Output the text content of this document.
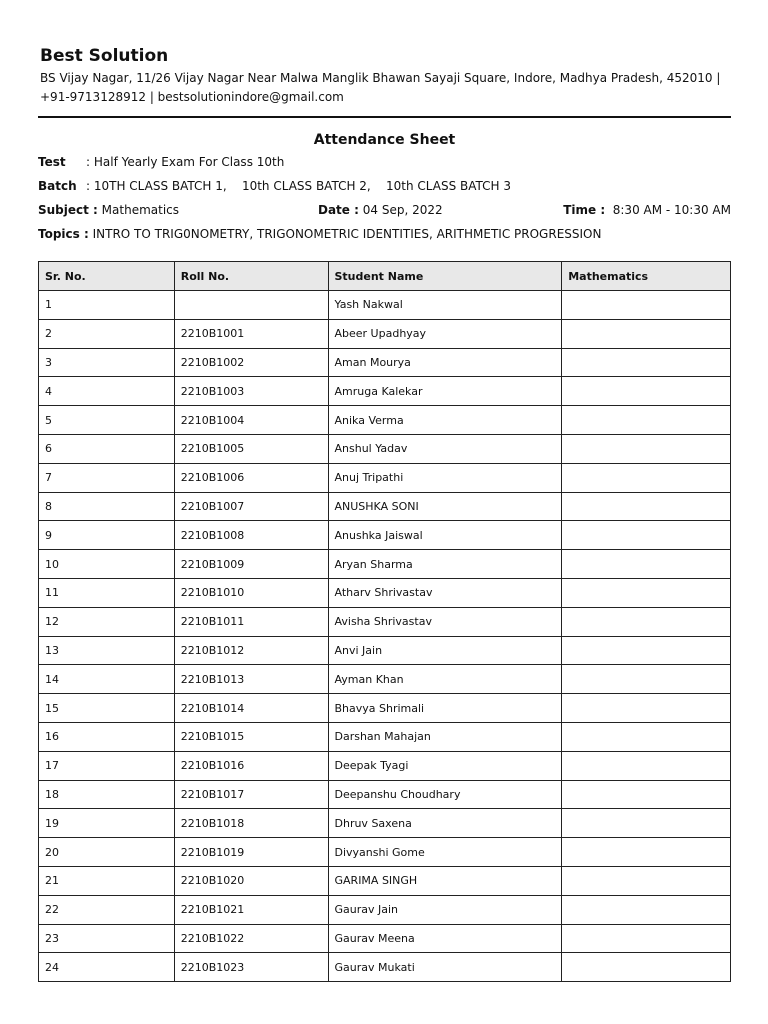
Best Solution
BS Vijay Nagar, 11/26 Vijay Nagar Near Malwa Manglik Bhawan Sayaji Square, Indore, Madhya Pradesh, 452010 |
+91-9713128912 | bestsolutionindore@gmail.com
Attendance Sheet
Test : Half Yearly Exam For Class 10th
Batch : 10TH CLASS BATCH 1,    10th CLASS BATCH 2,    10th CLASS BATCH 3
Subject : Mathematics	Date : 04 Sep, 2022	Time :  8:30 AM - 10:30 AM
Topics : INTRO TO TRIG0NOMETRY, TRIGONOMETRIC IDENTITIES, ARITHMETIC PROGRESSION
Sr. No.	Roll No.	Student Name	Mathematics
1		Yash Nakwal	
2	2210B1001	Abeer Upadhyay	
3	2210B1002	Aman Mourya	
4	2210B1003	Amruga Kalekar	
5	2210B1004	Anika Verma	
6	2210B1005	Anshul Yadav	
7	2210B1006	Anuj Tripathi	
8	2210B1007	ANUSHKA SONI	
9	2210B1008	Anushka Jaiswal	
10	2210B1009	Aryan Sharma	
11	2210B1010	Atharv Shrivastav	
12	2210B1011	Avisha Shrivastav	
13	2210B1012	Anvi Jain	
14	2210B1013	Ayman Khan	
15	2210B1014	Bhavya Shrimali	
16	2210B1015	Darshan Mahajan	
17	2210B1016	Deepak Tyagi	
18	2210B1017	Deepanshu Choudhary	
19	2210B1018	Dhruv Saxena	
20	2210B1019	Divyanshi Gome	
21	2210B1020	GARIMA SINGH	
22	2210B1021	Gaurav Jain	
23	2210B1022	Gaurav Meena	
24	2210B1023	Gaurav Mukati	
